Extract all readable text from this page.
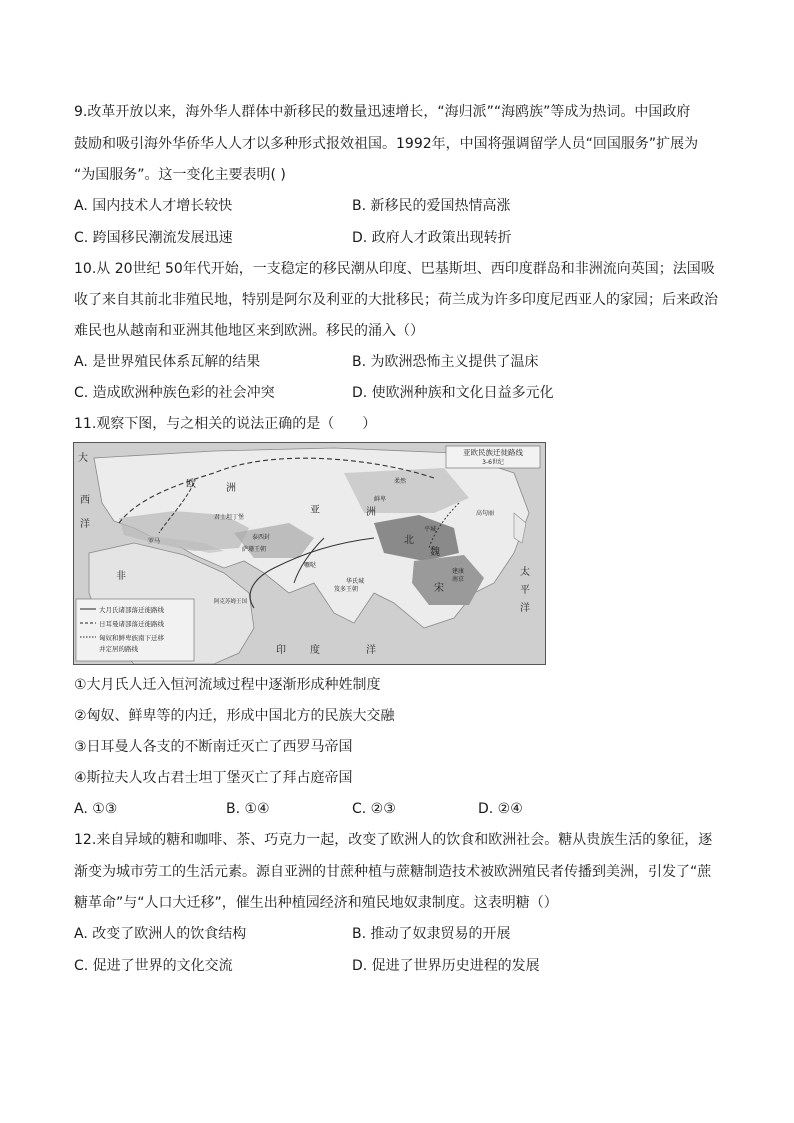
9.改革开放以来，海外华人群体中新移民的数量迅速增长，“海归派”“海鸥族”等成为热词。中国政府
鼓励和吸引海外华侨华人人才以多种形式报效祖国。1992年，中国将强调留学人员“回国服务”扩展为
“为国服务”。这一变化主要表明( )
A. 国内技术人才增长较快	B. 新移民的爱国热情高涨
C. 跨国移民潮流发展迅速	D. 政府人才政策出现转折
10.从 20世纪 50年代开始，一支稳定的移民潮从印度、巴基斯坦、西印度群岛和非洲流向英国；法国吸
收了来自其前北非殖民地，特别是阿尔及利亚的大批移民；荷兰成为许多印度尼西亚人的家园；后来政治
难民也从越南和亚洲其他地区来到欧洲。移民的涌入（）
A. 是世界殖民体系瓦解的结果	B. 为欧洲恐怖主义提供了温床
C. 造成欧洲种族色彩的社会冲突	D. 使欧洲种族和文化日益多元化
11.观察下图，与之相关的说法正确的是（　　）
亚欧民族迁徙路线
3-6世纪
大月氏诸部落迁徙路线
日耳曼诸部落迁徙路线
匈奴和鲜卑族南下迁移
并定居的路线
大
欧	洲
西
洋
非
亚	洲
北
魏
宋
平城
建康
南京
太
平
洋
印 度	洋
君士坦丁堡
罗马
萨珊王朝
泰西封
阿克苏姆王国
笈多王朝
柔然
鲜卑
高句丽
嚈哒
华氏城
①大月氏人迁入恒河流域过程中逐渐形成种姓制度
②匈奴、鲜卑等的内迁，形成中国北方的民族大交融
③日耳曼人各支的不断南迁灭亡了西罗马帝国
④斯拉夫人攻占君士坦丁堡灭亡了拜占庭帝国
A. ①③	B. ①④	C. ②③	D. ②④
12.来自异域的糖和咖啡、茶、巧克力一起，改变了欧洲人的饮食和欧洲社会。糖从贵族生活的象征，逐
渐变为城市劳工的生活元素。源自亚洲的甘蔗种植与蔗糖制造技术被欧洲殖民者传播到美洲，引发了“蔗
糖革命”与“人口大迁移”，催生出种植园经济和殖民地奴隶制度。这表明糖（）
A. 改变了欧洲人的饮食结构	B. 推动了奴隶贸易的开展
C. 促进了世界的文化交流	D. 促进了世界历史进程的发展
